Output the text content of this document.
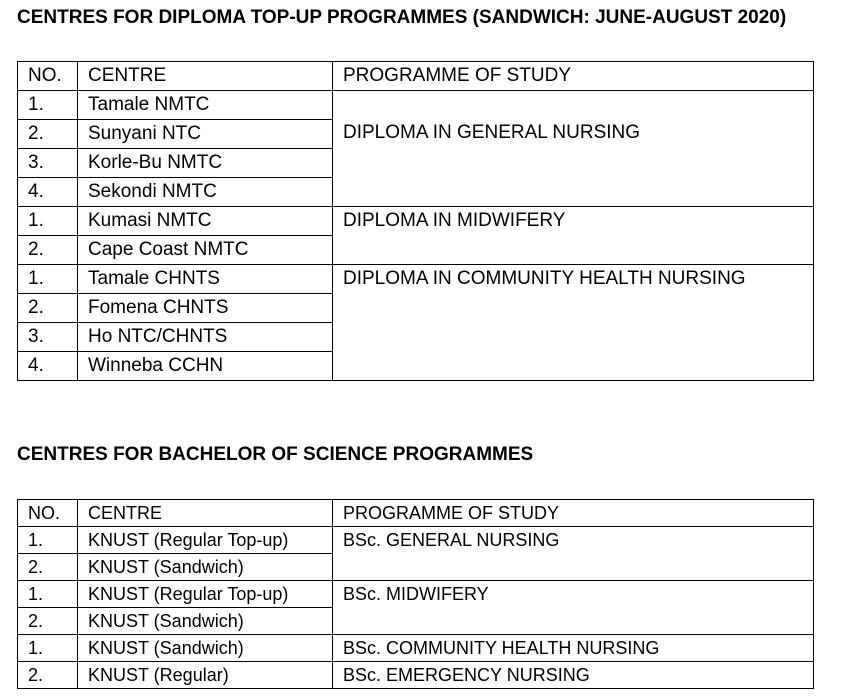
CENTRES FOR DIPLOMA TOP-UP PROGRAMMES (SANDWICH: JUNE-AUGUST 2020)
NO.	CENTRE	PROGRAMME OF STUDY
1.	Tamale NMTC	DIPLOMA IN GENERAL NURSING

2.	Sunyani NTC	
3.	Korle-Bu NMTC	
4.	Sekondi NMTC	
1.	Kumasi NMTC	DIPLOMA IN MIDWIFERY

2.	Cape Coast NMTC	
1.	Tamale CHNTS	DIPLOMA IN COMMUNITY HEALTH NURSING

2.	Fomena CHNTS	
3.	Ho NTC/CHNTS	
4.	Winneba CCHN	
CENTRES FOR BACHELOR OF SCIENCE PROGRAMMES
NO.	CENTRE	PROGRAMME OF STUDY
1.	KNUST (Regular Top-up)	BSc. GENERAL NURSING

2.	KNUST (Sandwich)	
1.	KNUST (Regular Top-up)	BSc. MIDWIFERY

2.	KNUST (Sandwich)	
1.	KNUST (Sandwich)	BSc. COMMUNITY HEALTH NURSING

2.	KNUST (Regular)	BSc. EMERGENCY NURSING
